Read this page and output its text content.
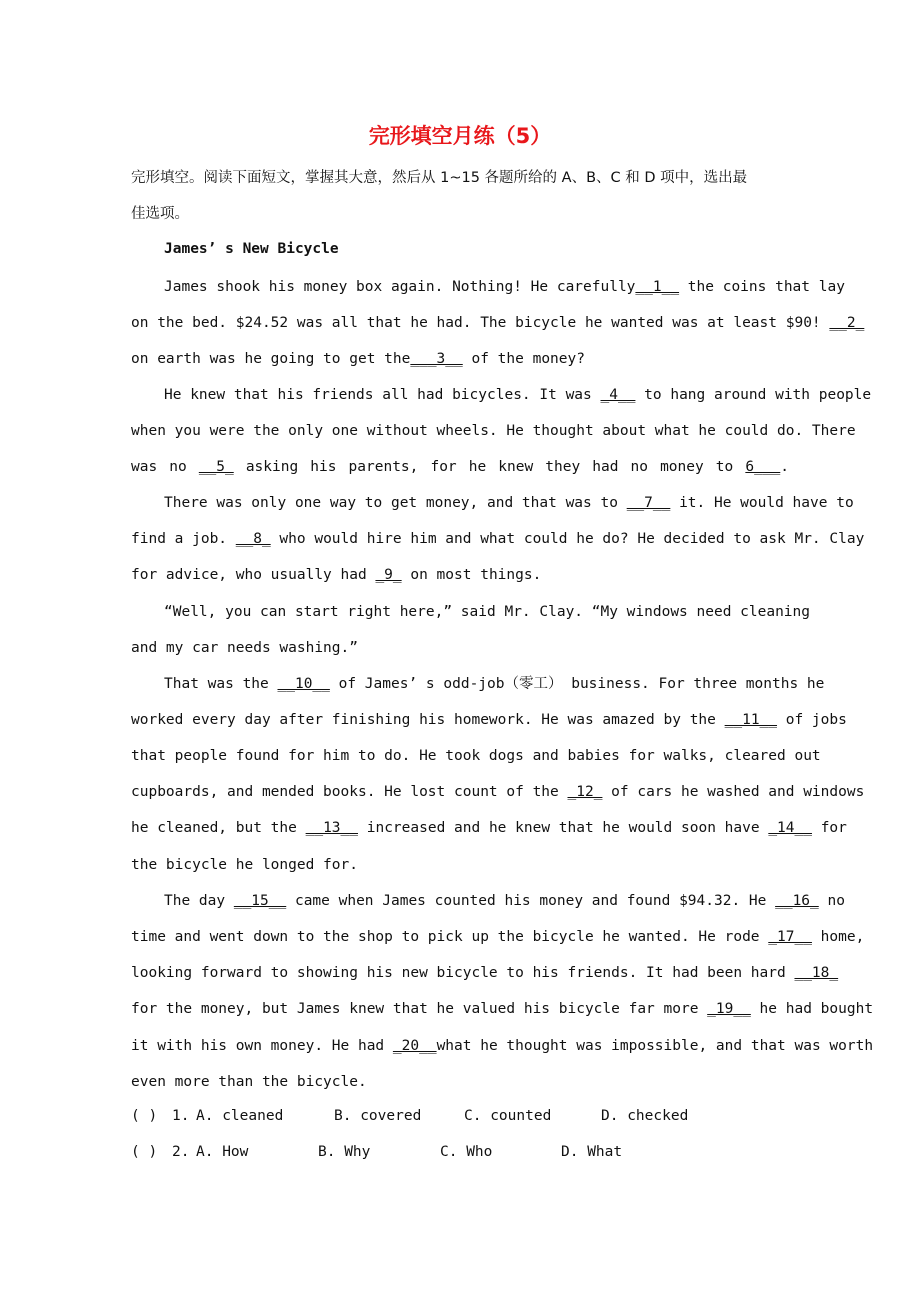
完形填空月练（5）
完形填空。阅读下面短文，掌握其大意，然后从 1~15 各题所给的 A、B、C 和 D 项中，选出最
佳选项。
James’ s New Bicycle
James shook his money box again. Nothing! He carefully__1__ the coins that lay
on the bed. $24.52 was all that he had. The bicycle he wanted was at least $90! __2_
on earth was he going to get the___3__ of the money?
He knew that his friends all had bicycles. It was _4__ to hang around with people
when you were the only one without wheels. He thought about what he could do. There
was no __5_ asking his parents, for he knew they had no money to 6___.
There was only one way to get money, and that was to __7__ it. He would have to
find a job. __8_ who would hire him and what could he do? He decided to ask Mr. Clay
for advice, who usually had _9_ on most things.
“Well, you can start right here,” said Mr. Clay. “My windows need cleaning
and my car needs washing.”
That was the __10__ of James’ s odd-job（零工） business. For three months he
worked every day after finishing his homework. He was amazed by the __11__ of jobs
that people found for him to do. He took dogs and babies for walks, cleared out
cupboards, and mended books. He lost count of the _12_ of cars he washed and windows
he cleaned, but the __13__ increased and he knew that he would soon have _14__ for
the bicycle he longed for.
The day __15__ came when James counted his money and found $94.32. He __16_ no
time and went down to the shop to pick up the bicycle he wanted. He rode _17__ home,
looking forward to showing his new bicycle to his friends. It had been hard __18_
for the money, but James knew that he valued his bicycle far more _19__ he had bought
it with his own money. He had _20__what he thought was impossible, and that was worth
even more than the bicycle.
( ) 1. A. cleaned	B. covered	C. counted	D. checked
( ) 2. A. How	B. Why	C. Who	D. What
